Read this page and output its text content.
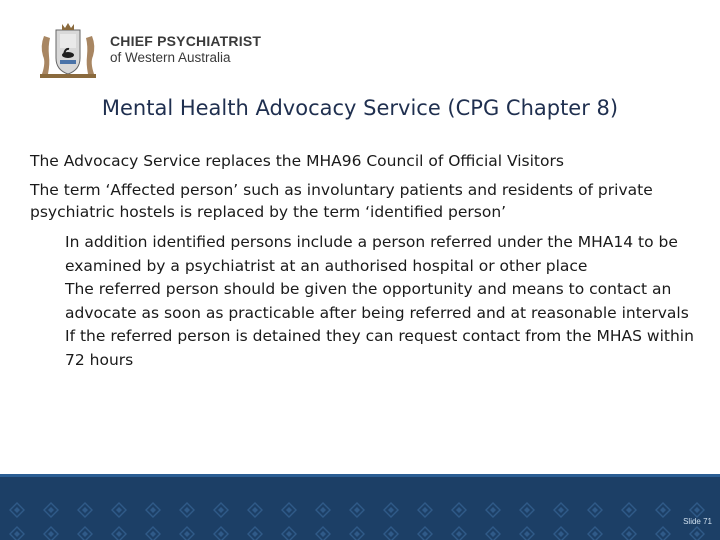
CHIEF PSYCHIATRIST
of Western Australia
Mental Health Advocacy Service (CPG Chapter 8)

The Advocacy Service replaces the MHA96 Council of Official Visitors

The term ‘Affected person’ such as involuntary patients and residents of private psychiatric hostels is replaced by the term ‘identified person’

In addition identified persons include a person referred under the MHA14 to be examined by a psychiatrist at an authorised hospital or other place

The referred person should be given the opportunity and means to contact an advocate as soon as practicable after being referred and at reasonable intervals

If the referred person is detained they can request contact from the MHAS within 72 hours

Slide 71
